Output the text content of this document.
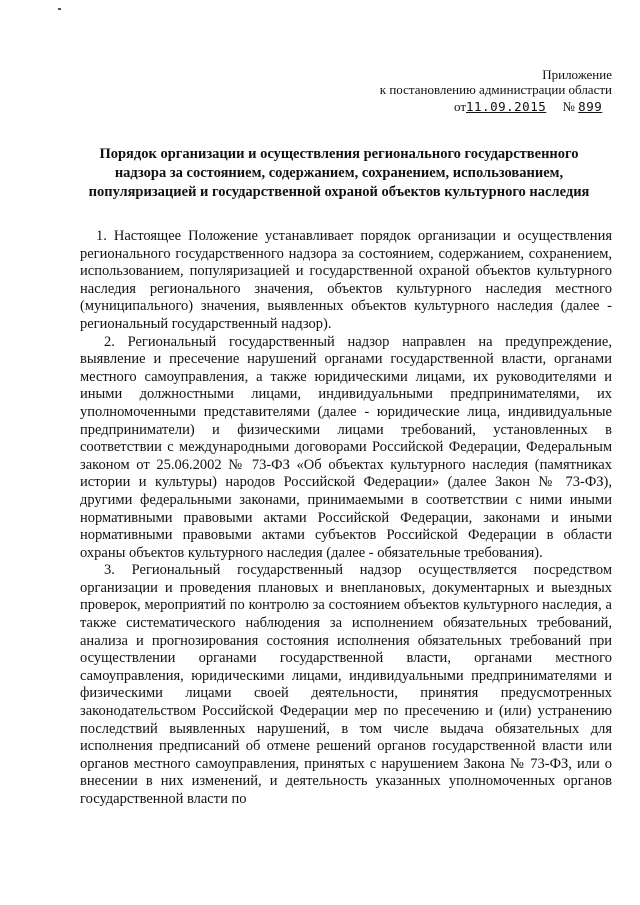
Приложение
к постановлению администрации области
от11.09.2015 № 899
Порядок организации и осуществления регионального государственного
надзора за состоянием, содержанием, сохранением, использованием,
популяризацией и государственной охраной объектов культурного наследия

1. Настоящее Положение устанавливает порядок организации и осуществления регионального государственного надзора за состоянием, содержанием, сохранением, использованием, популяризацией и государственной охраной объектов культурного наследия регионального значения, объектов культурного наследия местного (муниципального) значения, выявленных объектов культурного наследия (далее - региональный государственный надзор).

2. Региональный государственный надзор направлен на предупреждение, выявление и пресечение нарушений органами государственной власти, органами местного самоуправления, а также юридическими лицами, их руководителями и иными должностными лицами, индивидуальными предпринимателями, их уполномоченными представителями (далее - юридические лица, индивидуальные предприниматели) и физическими лицами требований, установленных в соответствии с международными договорами Российской Федерации, Федеральным законом от 25.06.2002 № 73-ФЗ «Об объектах культурного наследия (памятниках истории и культуры) народов Российской Федерации» (далее Закон № 73-ФЗ), другими федеральными законами, принимаемыми в соответствии с ними иными нормативными правовыми актами Российской Федерации, законами и иными нормативными правовыми актами субъектов Российской Федерации в области охраны объектов культурного наследия (далее - обязательные требования).

3. Региональный государственный надзор осуществляется посредством организации и проведения плановых и внеплановых, документарных и выездных проверок, мероприятий по контролю за состоянием объектов культурного наследия, а также систематического наблюдения за исполнением обязательных требований, анализа и прогнозирования состояния исполнения обязательных требований при осуществлении органами государственной власти, органами местного самоуправления, юридическими лицами, индивидуальными предпринимателями и физическими лицами своей деятельности, принятия предусмотренных законодательством Российской Федерации мер по пресечению и (или) устранению последствий выявленных нарушений, в том числе выдача обязательных для исполнения предписаний об отмене решений органов государственной власти или органов местного самоуправления, принятых с нарушением Закона № 73-ФЗ, или о внесении в них изменений, и деятельность указанных уполномоченных органов государственной власти по
